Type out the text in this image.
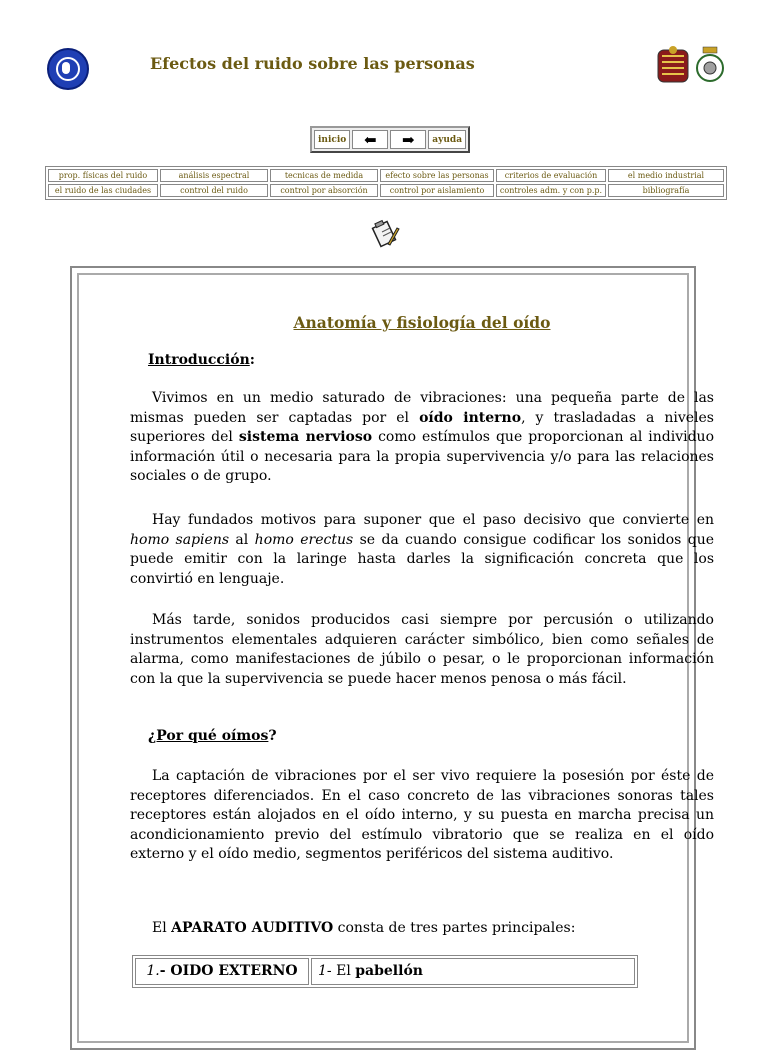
Efectos del ruido sobre las personas
inicio ⬅ ➡	ayuda
prop. físicas del ruido	análisis espectral	tecnicas de medida	efecto sobre las personas	criterios de evaluación	el medio industrial
el ruido de las ciudades	control del ruido	control por absorción	control por aislamiento	controles adm. y con p.p.	bibliografía
Anatomía y fisiología del oído
Introducción:

Vivimos en un medio saturado de vibraciones: una pequeña parte de las mismas pueden ser captadas por el oído interno, y trasladadas a niveles superiores del sistema nervioso como estímulos que proporcionan al individuo información útil o necesaria para la propia supervivencia y/o para las relaciones sociales o de grupo.

Hay fundados motivos para suponer que el paso decisivo que convierte en homo sapiens al homo erectus se da cuando consigue codificar los sonidos que puede emitir con la laringe hasta darles la significación concreta que los convirtió en lenguaje.

Más tarde, sonidos producidos casi siempre por percusión o utilizando instrumentos elementales adquieren carácter simbólico, bien como señales de alarma, como manifestaciones de júbilo o pesar, o le proporcionan información con la que la supervivencia se puede hacer menos penosa o más fácil.

¿Por qué oímos?

La captación de vibraciones por el ser vivo requiere la posesión por éste de receptores diferenciados. En el caso concreto de las vibraciones sonoras tales receptores están alojados en el oído interno, y su puesta en marcha precisa un acondicionamiento previo del estímulo vibratorio que se realiza en el oído externo y el oído medio, segmentos periféricos del sistema auditivo.

El APARATO AUDITIVO consta de tres partes principales:

1.- OIDO EXTERNO	1- El pabellón
